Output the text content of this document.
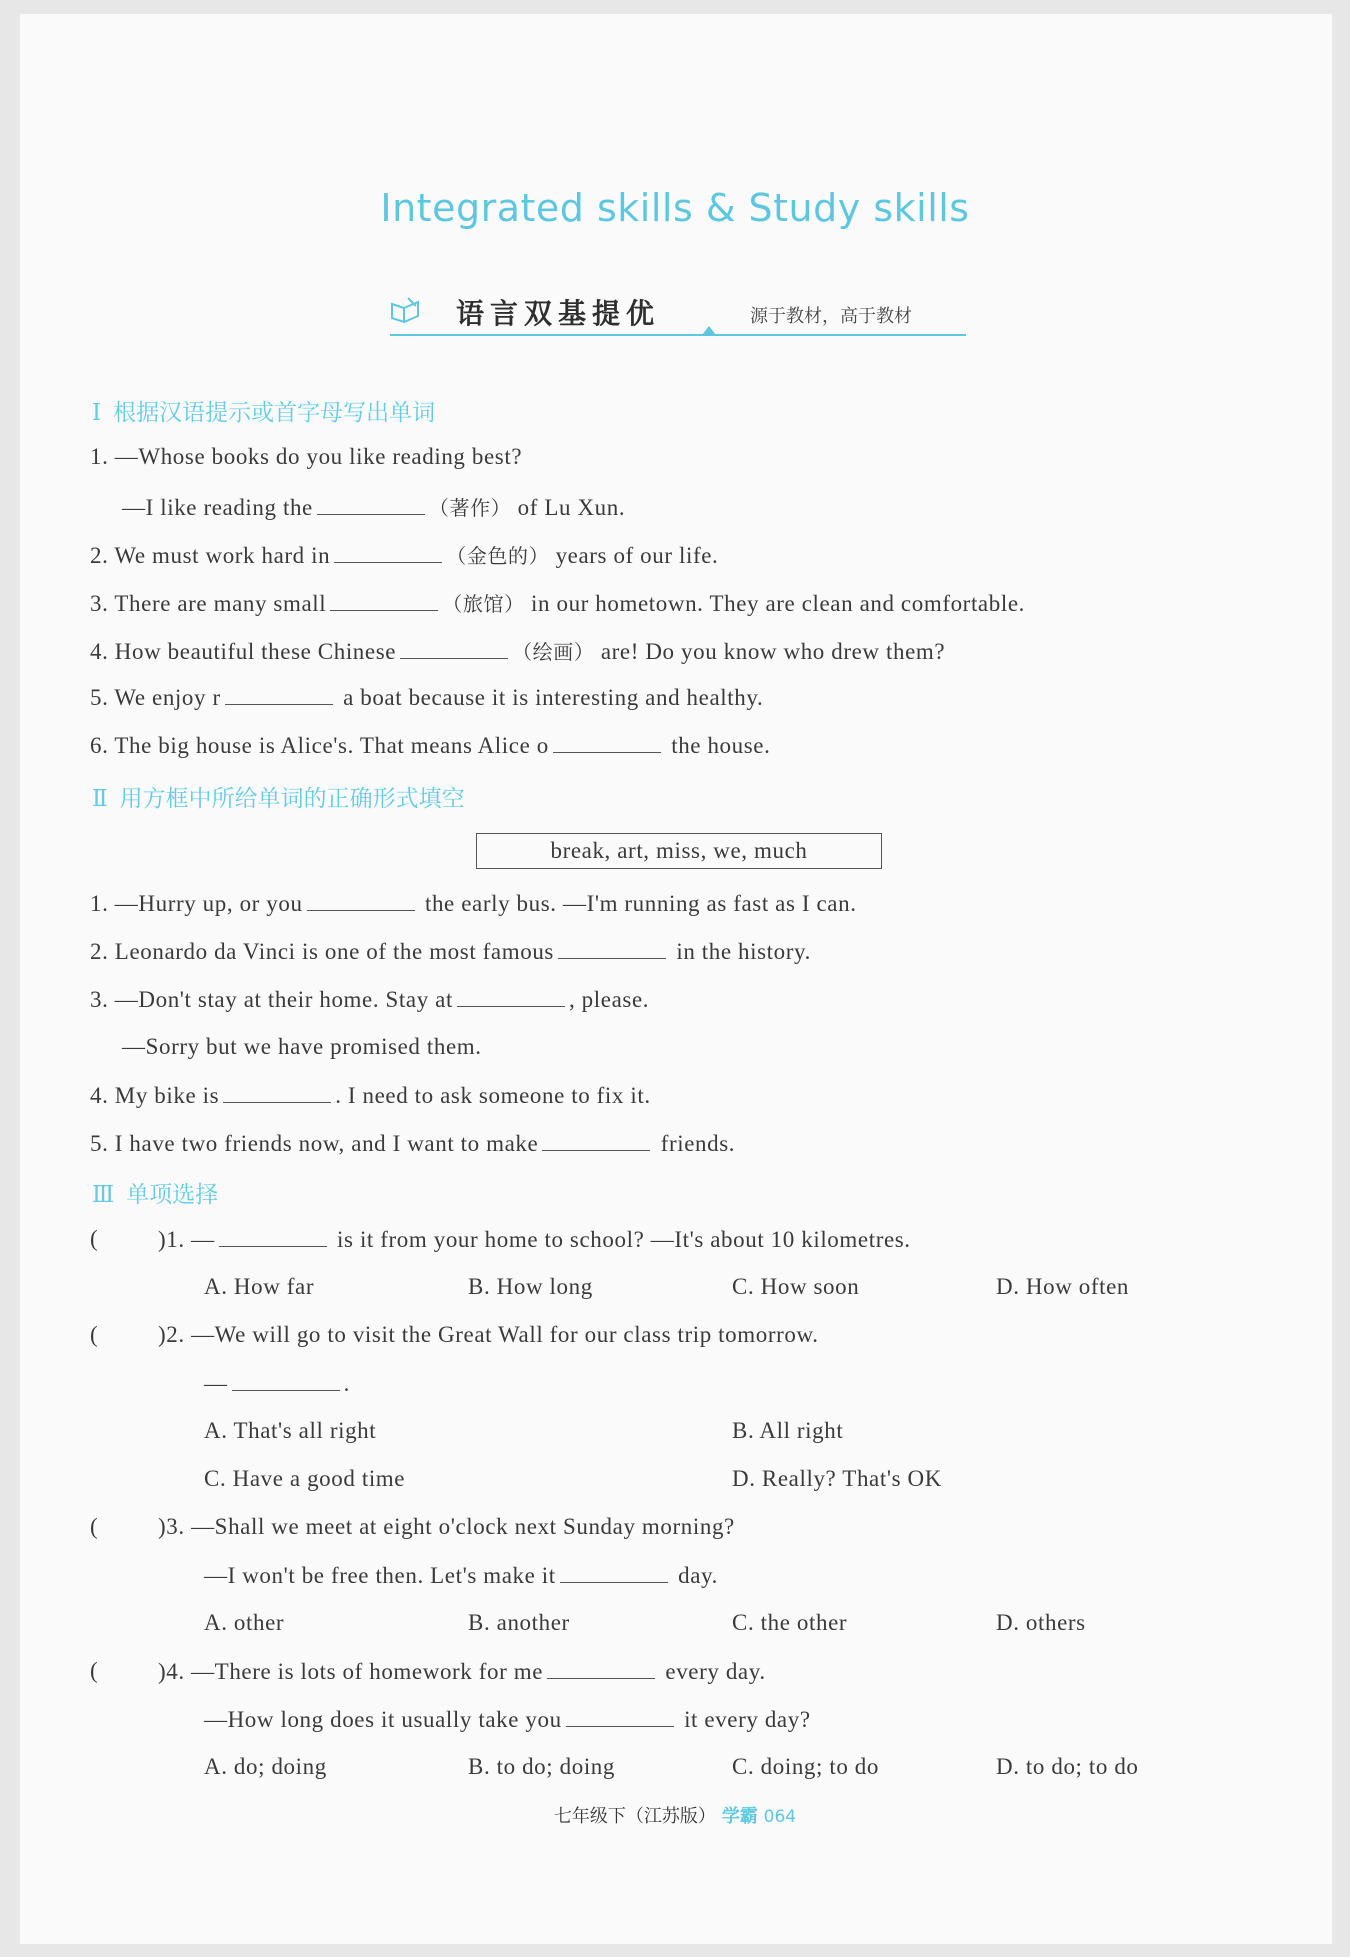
Integrated skills & Study skills
语言双基提优	源于教材，高于教材
Ⅰ 根据汉语提示或首字母写出单词
1. —Whose books do you like reading best?
—I like reading the	（著作） of Lu Xun.
2. We must work hard in	（金色的） years of our life.
3. There are many small	（旅馆） in our hometown. They are clean and comfortable.
4. How beautiful these Chinese	（绘画） are! Do you know who drew them?
5. We enjoy r	a boat because it is interesting and healthy.
6. The big house is Alice's. That means Alice o	the house.
Ⅱ 用方框中所给单词的正确形式填空
break, art, miss, we, much
1. —Hurry up, or you	the early bus. —I'm running as fast as I can.
2. Leonardo da Vinci is one of the most famous	in the history.
3. —Don't stay at their home. Stay at	, please.
—Sorry but we have promised them.
4. My bike is	. I need to ask someone to fix it.
5. I have two friends now, and I want to make	friends.
Ⅲ 单项选择
(	)1. —	is it from your home to school? —It's about 10 kilometres.
A. How far	B. How long	C. How soon	D. How often
(	)2. —We will go to visit the Great Wall for our class trip tomorrow.
—	.
A. That's all right	B. All right
C. Have a good time	D. Really? That's OK
(	)3. —Shall we meet at eight o'clock next Sunday morning?
—I won't be free then. Let's make it	day.
A. other	B. another	C. the other	D. others
(	)4. —There is lots of homework for me	every day.
—How long does it usually take you	it every day?
A. do; doing	B. to do; doing	C. doing; to do	D. to do; to do
七年级下（江苏版） 学霸 064
